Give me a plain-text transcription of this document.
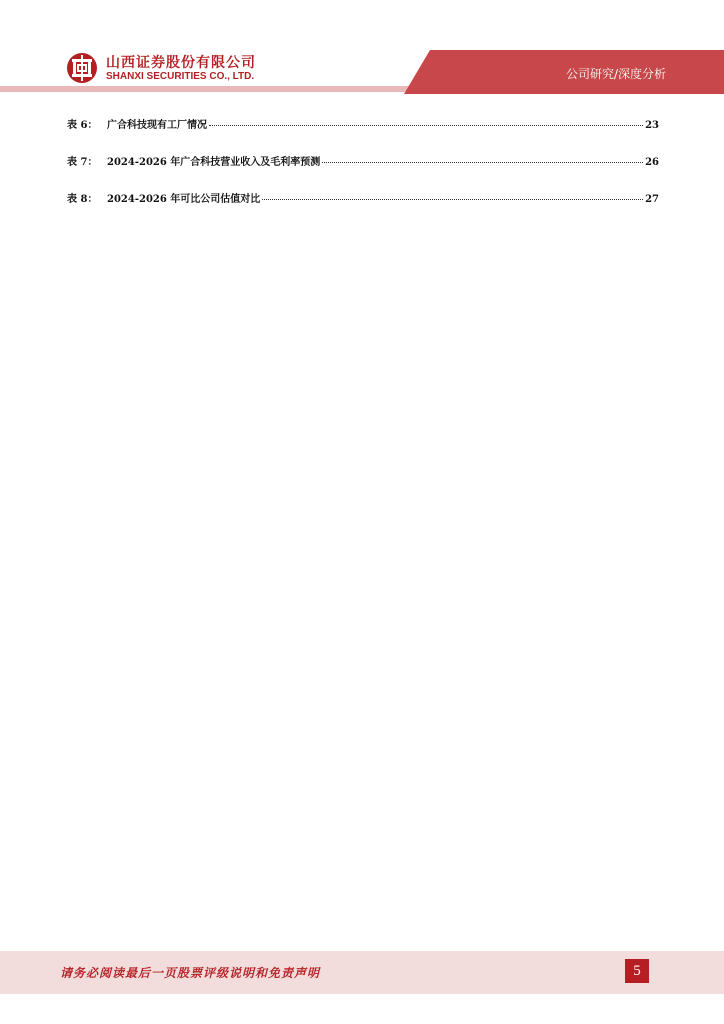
山西证券股份有限公司
SHANXI SECURITIES CO., LTD.	公司研究/深度分析
表 6： 广合科技现有工厂情况	23
表 7： 2024-2026 年广合科技营业收入及毛利率预测	26
表 8： 2024-2026 年可比公司估值对比	27
请务必阅读最后一页股票评级说明和免责声明	5
